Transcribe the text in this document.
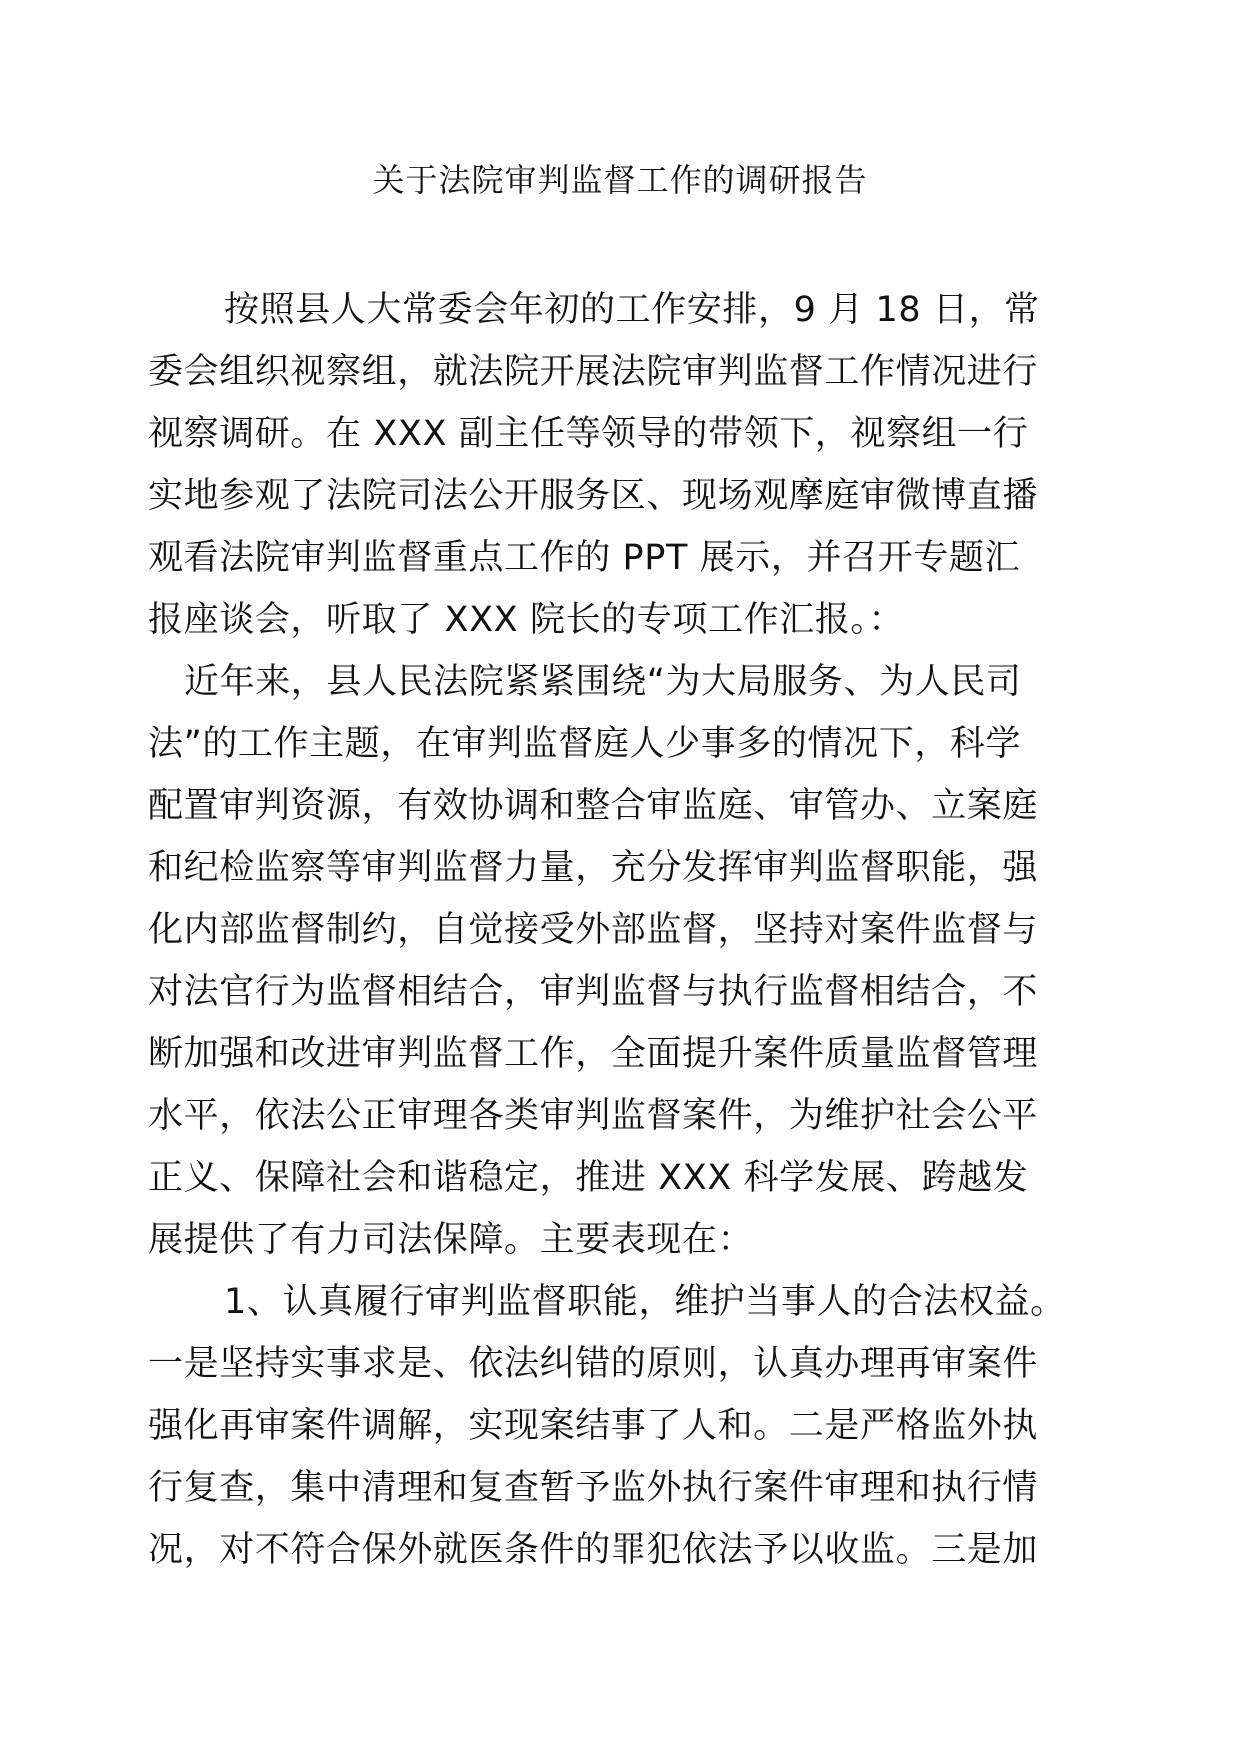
关于法院审判监督工作的调研报告
按照县人大常委会年初的工作安排，9 月 18 日，常
委会组织视察组，就法院开展法院审判监督工作情况进行
视察调研。在 XXX 副主任等领导的带领下，视察组一行
实地参观了法院司法公开服务区、现场观摩庭审微博直播
观看法院审判监督重点工作的 PPT 展示，并召开专题汇
报座谈会，听取了 XXX 院长的专项工作汇报。：
近年来，县人民法院紧紧围绕“为大局服务、为人民司
法”的工作主题，在审判监督庭人少事多的情况下，科学
配置审判资源，有效协调和整合审监庭、审管办、立案庭
和纪检监察等审判监督力量，充分发挥审判监督职能，强
化内部监督制约，自觉接受外部监督，坚持对案件监督与
对法官行为监督相结合，审判监督与执行监督相结合，不
断加强和改进审判监督工作，全面提升案件质量监督管理
水平，依法公正审理各类审判监督案件，为维护社会公平
正义、保障社会和谐稳定，推进 XXX 科学发展、跨越发
展提供了有力司法保障。主要表现在：
1、认真履行审判监督职能，维护当事人的合法权益。
一是坚持实事求是、依法纠错的原则，认真办理再审案件
强化再审案件调解，实现案结事了人和。二是严格监外执
行复查，集中清理和复查暂予监外执行案件审理和执行情
况，对不符合保外就医条件的罪犯依法予以收监。三是加
